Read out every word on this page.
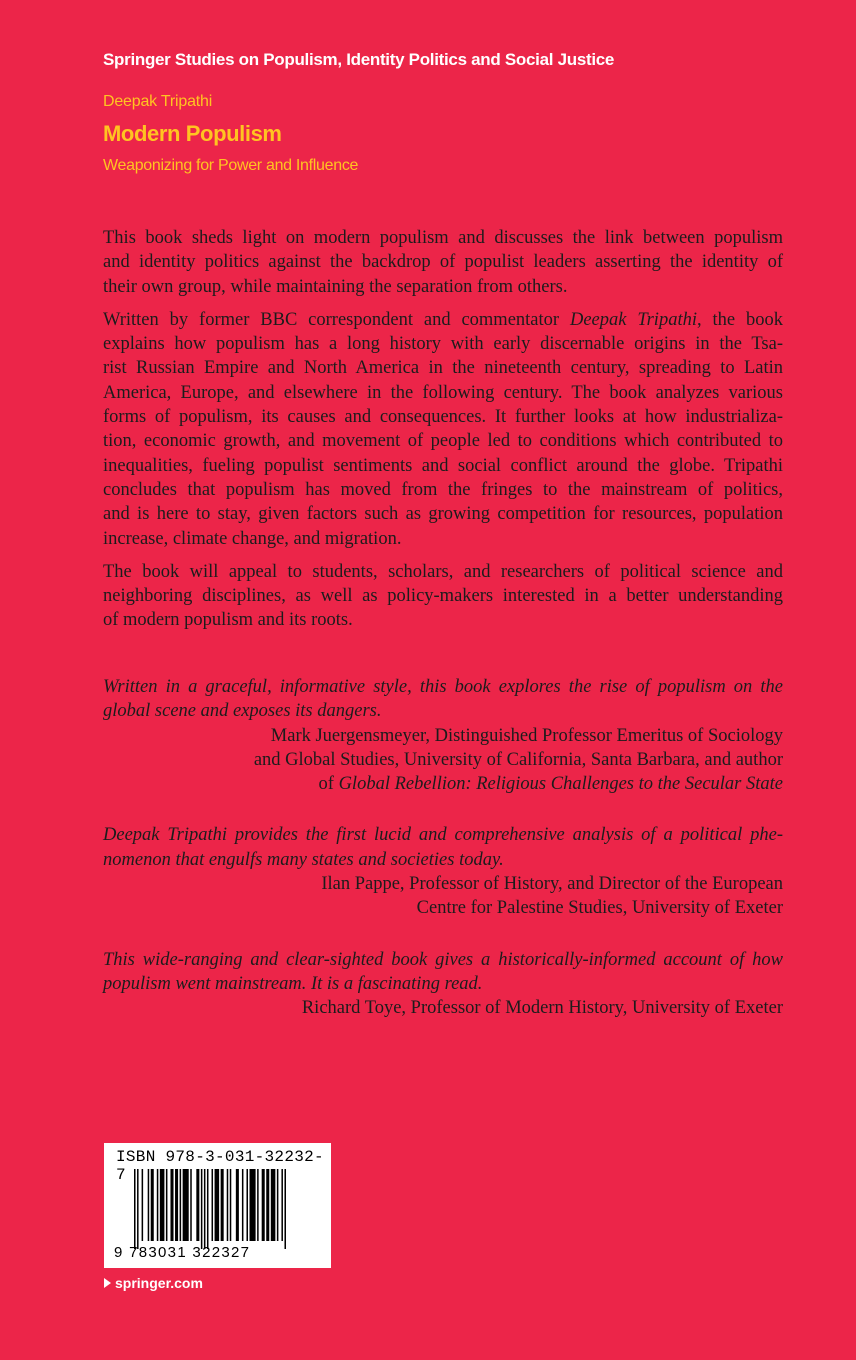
Springer Studies on Populism, Identity Politics and Social Justice
Deepak Tripathi
Modern Populism
Weaponizing for Power and Influence

This book sheds light on modern populism and discusses the link between populism
and identity politics against the backdrop of populist leaders asserting the identity of
their own group, while maintaining the separation from others.

Written by former BBC correspondent and commentator Deepak Tripathi, the book
explains how populism has a long history with early discernable origins in the Tsa-
rist Russian Empire and North America in the nineteenth century, spreading to Latin
America, Europe, and elsewhere in the following century. The book analyzes various
forms of populism, its causes and consequences. It further looks at how industrializa-
tion, economic growth, and movement of people led to conditions which contributed to
inequalities, fueling populist sentiments and social conflict around the globe. Tripathi
concludes that populism has moved from the fringes to the mainstream of politics,
and is here to stay, given factors such as growing competition for resources, population
increase, climate change, and migration.

The book will appeal to students, scholars, and researchers of political science and
neighboring disciplines, as well as policy-makers interested in a better understanding
of modern populism and its roots.

Written in a graceful, informative style, this book explores the rise of populism on the
global scene and exposes its dangers.
Mark Juergensmeyer, Distinguished Professor Emeritus of Sociology
and Global Studies, University of California, Santa Barbara, and author
of Global Rebellion: Religious Challenges to the Secular State
Deepak Tripathi provides the first lucid and comprehensive analysis of a political phe-
nomenon that engulfs many states and societies today.
Ilan Pappe, Professor of History, and Director of the European
Centre for Palestine Studies, University of Exeter
This wide-ranging and clear-sighted book gives a historically-informed account of how
populism went mainstream. It is a fascinating read.
Richard Toye, Professor of Modern History, University of Exeter
ISBN 978-3-031-32232-7
9 783031 322327
springer.com
